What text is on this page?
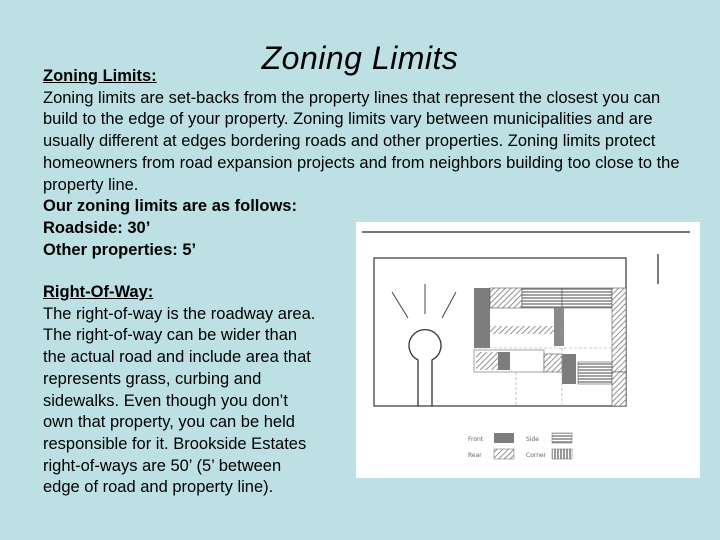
Zoning Limits
Zoning Limits:
Zoning limits are set-backs from the property lines that represent the closest you can build to the edge of your property. Zoning limits vary between municipalities and are usually different at edges bordering roads and other properties. Zoning limits protect homeowners from road expansion projects and from neighbors building too close to the property line.
Our zoning limits are as follows:
Roadside: 30’
Other properties: 5’
Right-Of-Way:
The right-of-way is the roadway area.
The right-of-way can be wider than
the actual road and include area that
represents grass, curbing and
sidewalks. Even though you don’t
own that property, you can be held
responsible for it. Brookside Estates
right-of-ways are 50’ (5’ between
edge of road and property line).
Front	Side
Rear	Corner
